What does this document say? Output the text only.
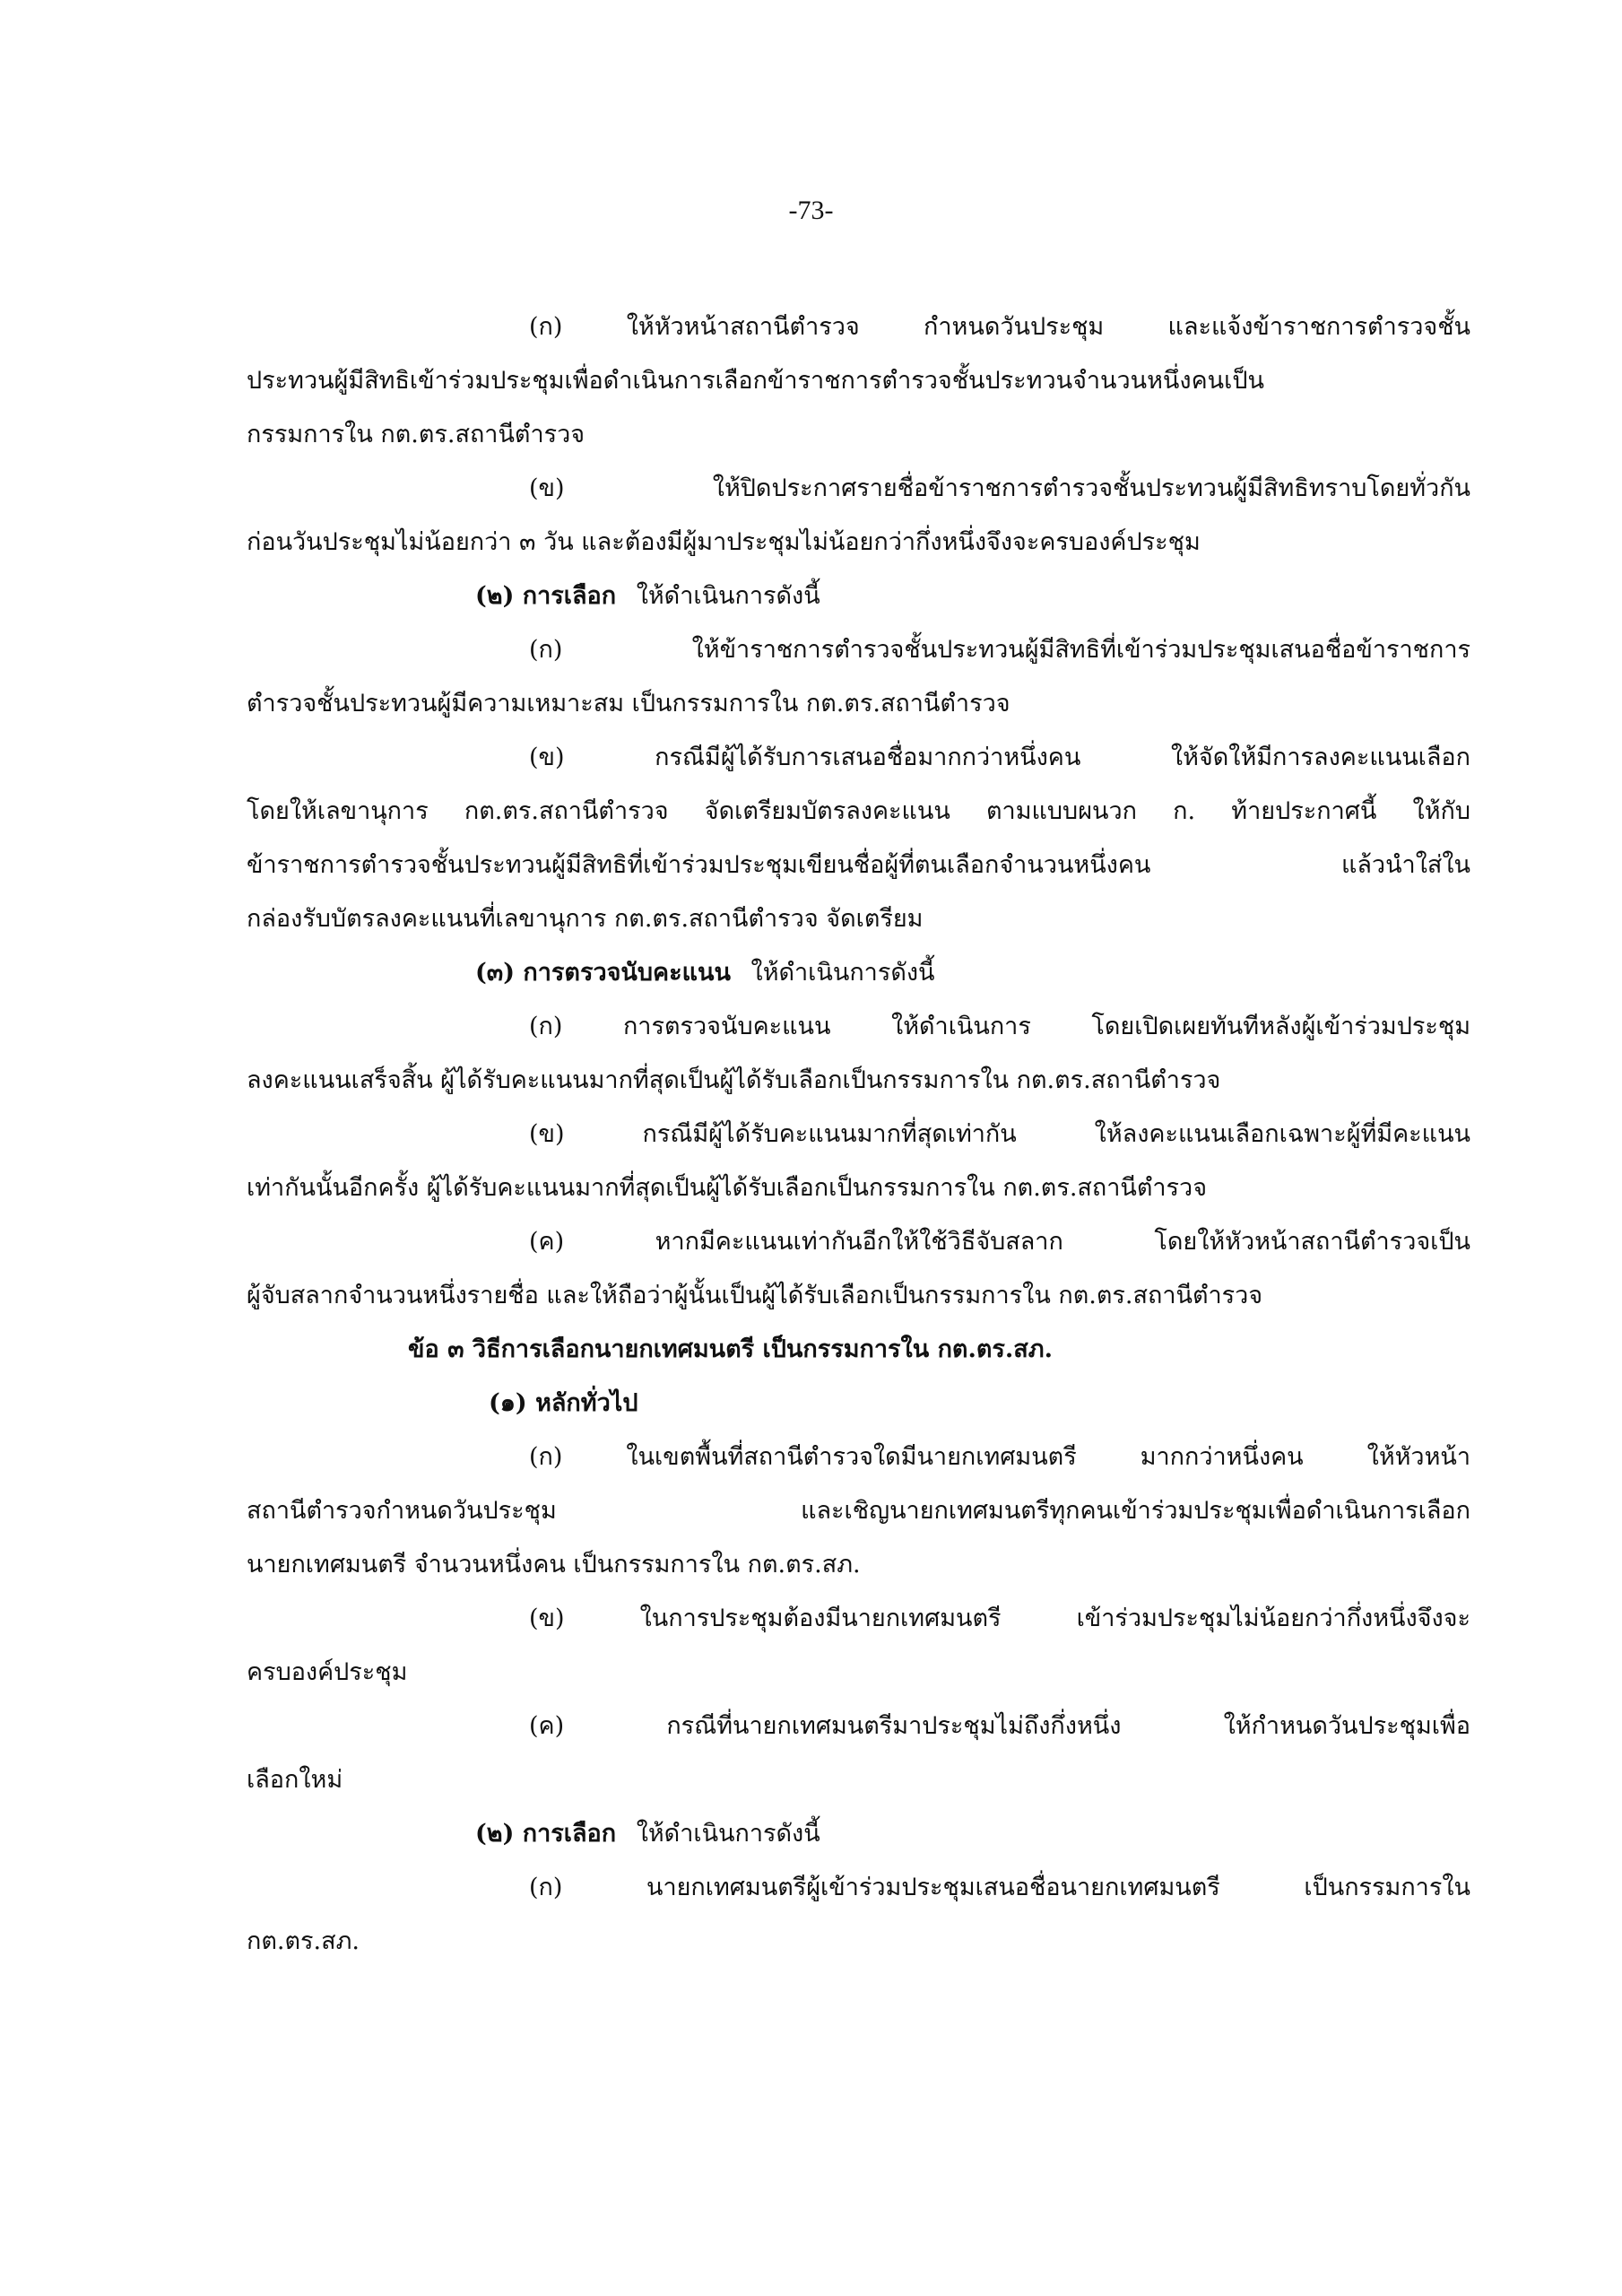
-73-
(ก) ให้หัวหน้าสถานีตำรวจ กำหนดวันประชุม และแจ้งข้าราชการตำรวจชั้น
ประทวนผู้มีสิทธิเข้าร่วมประชุมเพื่อดำเนินการเลือกข้าราชการตำรวจชั้นประทวนจำนวนหนึ่งคนเป็น
กรรมการใน กต.ตร.สถานีตำรวจ
(ข) ให้ปิดประกาศรายชื่อข้าราชการตำรวจชั้นประทวนผู้มีสิทธิทราบโดยทั่วกัน
ก่อนวันประชุมไม่น้อยกว่า ๓ วัน และต้องมีผู้มาประชุมไม่น้อยกว่ากึ่งหนึ่งจึงจะครบองค์ประชุม
(๒) การเลือก ให้ดำเนินการดังนี้
(ก) ให้ข้าราชการตำรวจชั้นประทวนผู้มีสิทธิที่เข้าร่วมประชุมเสนอชื่อข้าราชการ
ตำรวจชั้นประทวนผู้มีความเหมาะสม เป็นกรรมการใน กต.ตร.สถานีตำรวจ
(ข) กรณีมีผู้ได้รับการเสนอชื่อมากกว่าหนึ่งคน ให้จัดให้มีการลงคะแนนเลือก
โดยให้เลขานุการ กต.ตร.สถานีตำรวจ จัดเตรียมบัตรลงคะแนน ตามแบบผนวก ก. ท้ายประกาศนี้ ให้กับ
ข้าราชการตำรวจชั้นประทวนผู้มีสิทธิที่เข้าร่วมประชุมเขียนชื่อผู้ที่ตนเลือกจำนวนหนึ่งคน แล้วนำใส่ใน
กล่องรับบัตรลงคะแนนที่เลขานุการ กต.ตร.สถานีตำรวจ จัดเตรียม
(๓) การตรวจนับคะแนน ให้ดำเนินการดังนี้
(ก) การตรวจนับคะแนน ให้ดำเนินการ โดยเปิดเผยทันทีหลังผู้เข้าร่วมประชุม
ลงคะแนนเสร็จสิ้น ผู้ได้รับคะแนนมากที่สุดเป็นผู้ได้รับเลือกเป็นกรรมการใน กต.ตร.สถานีตำรวจ
(ข) กรณีมีผู้ได้รับคะแนนมากที่สุดเท่ากัน ให้ลงคะแนนเลือกเฉพาะผู้ที่มีคะแนน
เท่ากันนั้นอีกครั้ง ผู้ได้รับคะแนนมากที่สุดเป็นผู้ได้รับเลือกเป็นกรรมการใน กต.ตร.สถานีตำรวจ
(ค) หากมีคะแนนเท่ากันอีกให้ใช้วิธีจับสลาก โดยให้หัวหน้าสถานีตำรวจเป็น
ผู้จับสลากจำนวนหนึ่งรายชื่อ และให้ถือว่าผู้นั้นเป็นผู้ได้รับเลือกเป็นกรรมการใน กต.ตร.สถานีตำรวจ
ข้อ ๓ วิธีการเลือกนายกเทศมนตรี เป็นกรรมการใน กต.ตร.สภ.
(๑) หลักทั่วไป
(ก) ในเขตพื้นที่สถานีตำรวจใดมีนายกเทศมนตรี มากกว่าหนึ่งคน ให้หัวหน้า
สถานีตำรวจกำหนดวันประชุม และเชิญนายกเทศมนตรีทุกคนเข้าร่วมประชุมเพื่อดำเนินการเลือก
นายกเทศมนตรี จำนวนหนึ่งคน เป็นกรรมการใน กต.ตร.สภ.
(ข) ในการประชุมต้องมีนายกเทศมนตรี เข้าร่วมประชุมไม่น้อยกว่ากึ่งหนึ่งจึงจะ
ครบองค์ประชุม
(ค) กรณีที่นายกเทศมนตรีมาประชุมไม่ถึงกึ่งหนึ่ง ให้กำหนดวันประชุมเพื่อ
เลือกใหม่
(๒) การเลือก ให้ดำเนินการดังนี้
(ก) นายกเทศมนตรีผู้เข้าร่วมประชุมเสนอชื่อนายกเทศมนตรี เป็นกรรมการใน
กต.ตร.สภ.
